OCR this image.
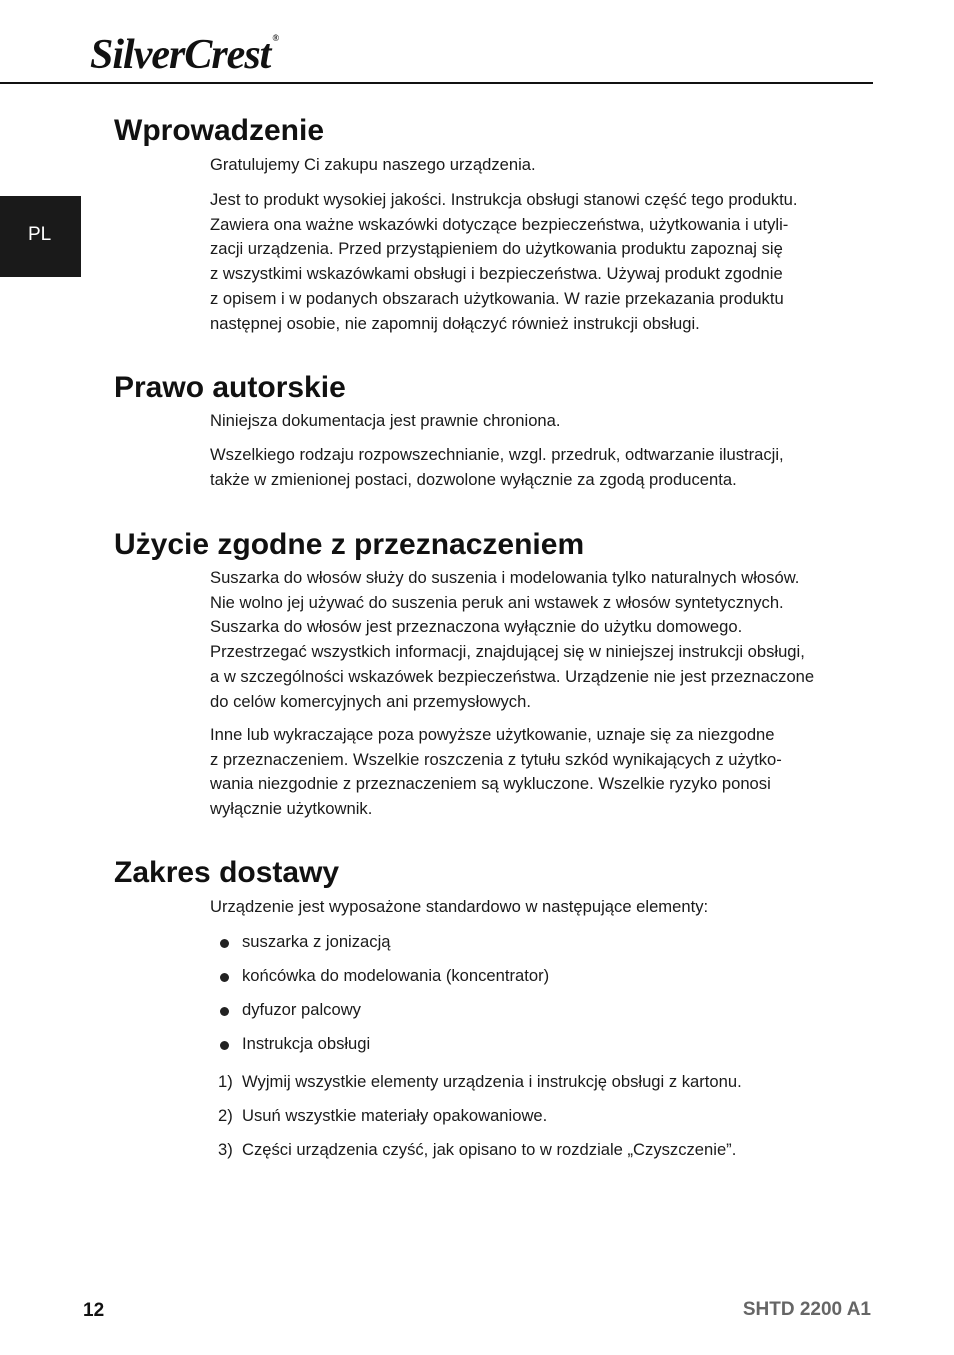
SilverCrest ®
PL
Wprowadzenie
Gratulujemy Ci zakupu naszego urządzenia.
Jest to produkt wysokiej jakości. Instrukcja obsługi stanowi część tego produktu.
Zawiera ona ważne wskazówki dotyczące bezpieczeństwa, użytkowania i utyli-
zacji urządzenia. Przed przystąpieniem do użytkowania produktu zapoznaj się
z wszystkimi wskazówkami obsługi i bezpieczeństwa. Używaj produkt zgodnie
z opisem i w podanych obszarach użytkowania. W razie przekazania produktu
następnej osobie, nie zapomnij dołączyć również instrukcji obsługi.
Prawo autorskie
Niniejsza dokumentacja jest prawnie chroniona.
Wszelkiego rodzaju rozpowszechnianie, wzgl. przedruk, odtwarzanie ilustracji,
także w zmienionej postaci, dozwolone wyłącznie za zgodą producenta.
Użycie zgodne z przeznaczeniem
Suszarka do włosów służy do suszenia i modelowania tylko naturalnych włosów.
Nie wolno jej używać do suszenia peruk ani wstawek z włosów syntetycznych.
Suszarka do włosów jest przeznaczona wyłącznie do użytku domowego.
Przestrzegać wszystkich informacji, znajdującej się w niniejszej instrukcji obsługi,
a w szczególności wskazówek bezpieczeństwa. Urządzenie nie jest przeznaczone
do celów komercyjnych ani przemysłowych.
Inne lub wykraczające poza powyższe użytkowanie, uznaje się za niezgodne
z przeznaczeniem. Wszelkie roszczenia z tytułu szkód wynikających z użytko-
wania niezgodnie z przeznaczeniem są wykluczone. Wszelkie ryzyko ponosi
wyłącznie użytkownik.
Zakres dostawy
Urządzenie jest wyposażone standardowo w następujące elementy:
suszarka z jonizacją
końcówka do modelowania (koncentrator)
dyfuzor palcowy
Instrukcja obsługi
1) Wyjmij wszystkie elementy urządzenia i instrukcję obsługi z kartonu.
2) Usuń wszystkie materiały opakowaniowe.
3) Części urządzenia czyść, jak opisano to w rozdziale „Czyszczenie”.
12	SHTD 2200 A1
